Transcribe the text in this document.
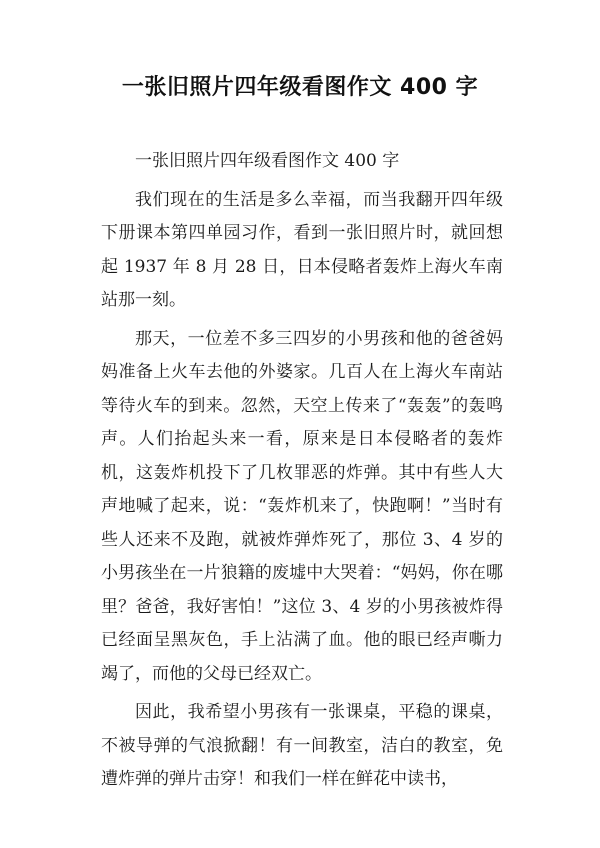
一张旧照片四年级看图作文 400 字

一张旧照片四年级看图作文 400 字

我们现在的生活是多么幸福，而当我翻开四年级下册课本第四单园习作，看到一张旧照片时，就回想起 1937 年 8 月 28 日，日本侵略者轰炸上海火车南站那一刻。

那天，一位差不多三四岁的小男孩和他的爸爸妈妈准备上火车去他的外婆家。几百人在上海火车南站等待火车的到来。忽然，天空上传来了“轰轰”的轰鸣声。人们抬起头来一看，原来是日本侵略者的轰炸机，这轰炸机投下了几枚罪恶的炸弹。其中有些人大声地喊了起来，说：“轰炸机来了，快跑啊！”当时有些人还来不及跑，就被炸弹炸死了，那位 3、4 岁的小男孩坐在一片狼籍的废墟中大哭着：“妈妈，你在哪里？爸爸，我好害怕！”这位 3、4 岁的小男孩被炸得已经面呈黑灰色，手上沾满了血。他的眼已经声嘶力竭了，而他的父母已经双亡。

因此，我希望小男孩有一张课桌，平稳的课桌，不被导弹的气浪掀翻！有一间教室，洁白的教室，免遭炸弹的弹片击穿！和我们一样在鲜花中读书，
